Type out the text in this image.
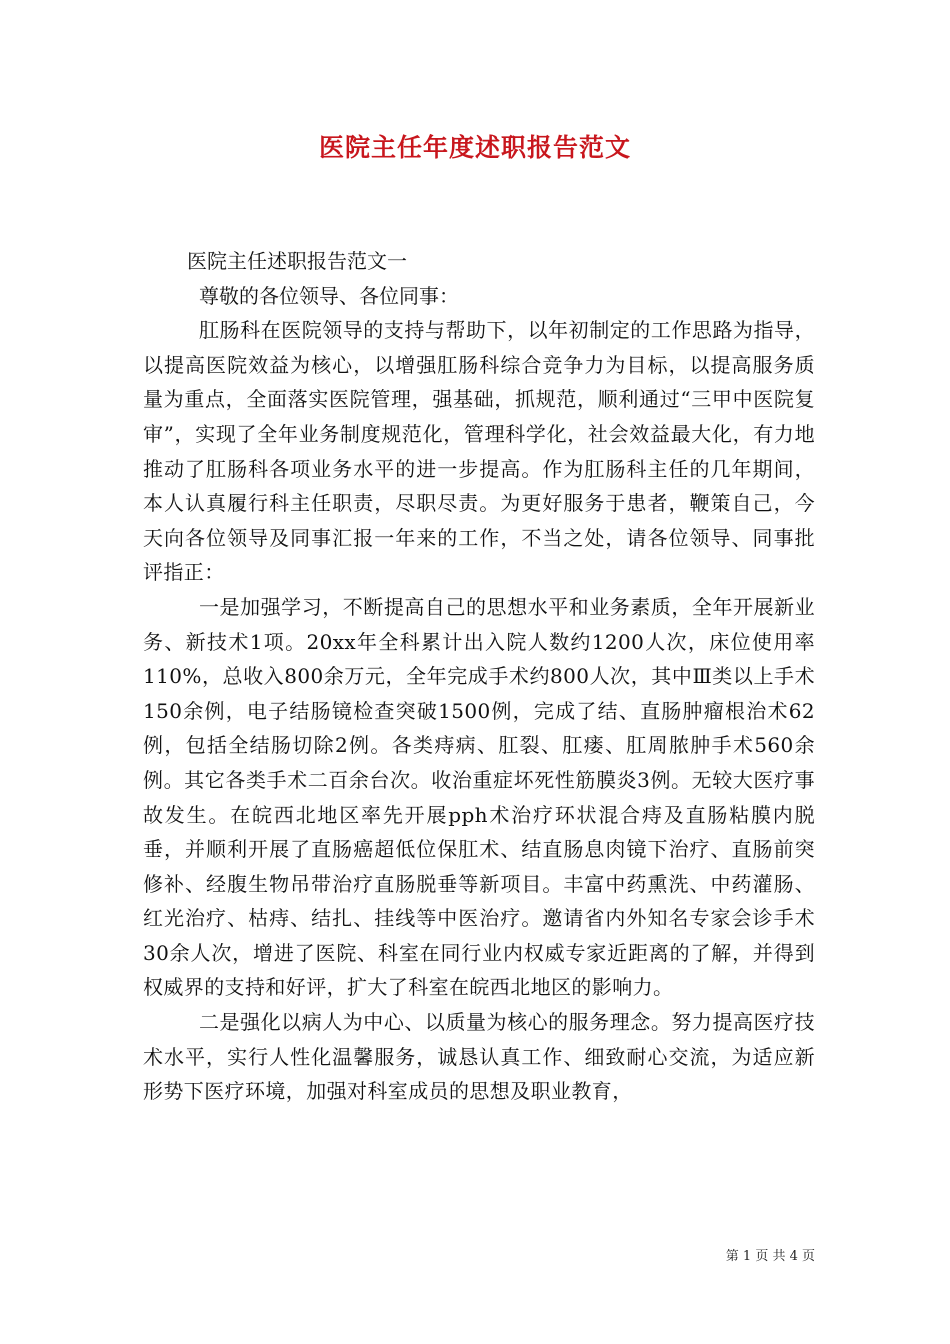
医院主任年度述职报告范文

医院主任述职报告范文一

尊敬的各位领导、各位同事：

肛肠科在医院领导的支持与帮助下，以年初制定的工作思路为指导，以提高医院效益为核心，以增强肛肠科综合竞争力为目标，以提高服务质量为重点，全面落实医院管理，强基础，抓规范，顺利通过“三甲中医院复审”，实现了全年业务制度规范化，管理科学化，社会效益最大化，有力地推动了肛肠科各项业务水平的进一步提高。作为肛肠科主任的几年期间，本人认真履行科主任职责，尽职尽责。为更好服务于患者，鞭策自己，今天向各位领导及同事汇报一年来的工作，不当之处，请各位领导、同事批评指正：

一是加强学习，不断提高自己的思想水平和业务素质，全年开展新业务、新技术1项。20xx年全科累计出入院人数约1200人次，床位使用率110%，总收入800余万元，全年完成手术约800人次，其中Ⅲ类以上手术150余例，电子结肠镜检查突破1500例，完成了结、直肠肿瘤根治术62例，包括全结肠切除2例。各类痔病、肛裂、肛瘘、肛周脓肿手术560余例。其它各类手术二百余台次。收治重症坏死性筋膜炎3例。无较大医疗事故发生。在皖西北地区率先开展pph术治疗环状混合痔及直肠粘膜内脱垂，并顺利开展了直肠癌超低位保肛术、结直肠息肉镜下治疗、直肠前突修补、经腹生物吊带治疗直肠脱垂等新项目。丰富中药熏洗、中药灌肠、红光治疗、枯痔、结扎、挂线等中医治疗。邀请省内外知名专家会诊手术30余人次，增进了医院、科室在同行业内权威专家近距离的了解，并得到权威界的支持和好评，扩大了科室在皖西北地区的影响力。

二是强化以病人为中心、以质量为核心的服务理念。努力提高医疗技术水平，实行人性化温馨服务，诚恳认真工作、细致耐心交流，为适应新形势下医疗环境，加强对科室成员的思想及职业教育，

第 1 页 共 4 页
